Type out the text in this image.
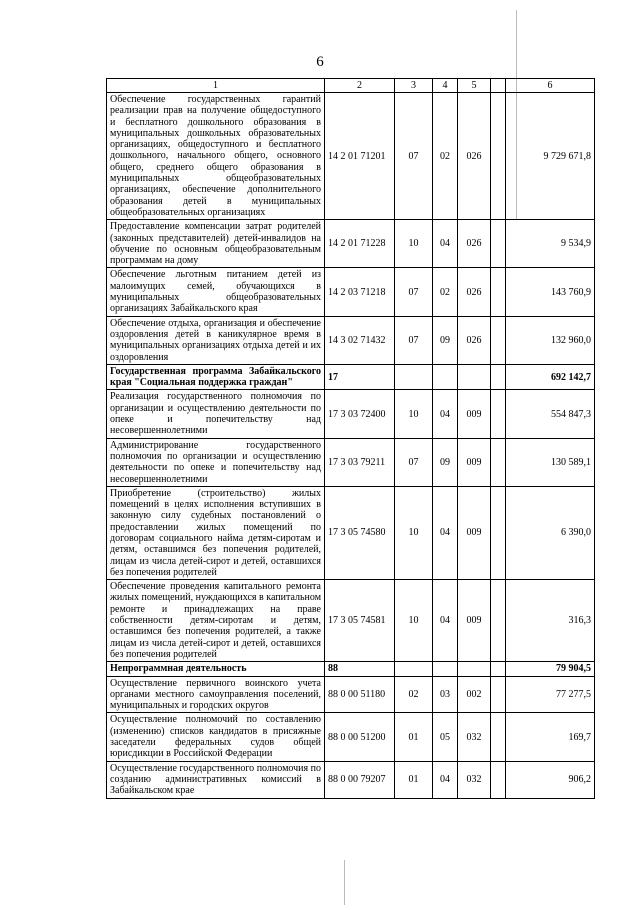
6
1	2	3	4	5		6
Обеспечение государственных гарантий реализации прав на получение общедоступного и бесплатного дошкольного образования в муниципальных дошкольных образовательных организациях, общедоступного и бесплатного дошкольного, начального общего, основного общего, среднего общего образования в муниципальных общеобразовательных организациях, обеспечение дополнительного образования детей в муниципальных общеобразовательных организациях	14 2 01 71201	07	02	026		9 729 671,8
Предоставление компенсации затрат родителей (законных представителей) детей-инвалидов на обучение по основным общеобразовательным программам на дому	14 2 01 71228	10	04	026		9 534,9
Обеспечение льготным питанием детей из малоимущих семей, обучающихся в муниципальных общеобразовательных организациях Забайкальского края	14 2 03 71218	07	02	026		143 760,9
Обеспечение отдыха, организация и обеспечение оздоровления детей в каникулярное время в муниципальных организациях отдыха детей и их оздоровления	14 3 02 71432	07	09	026		132 960,0
Государственная программа Забайкальского края "Социальная поддержка граждан"	17					692 142,7
Реализация государственного полномочия по организации и осуществлению деятельности по опеке и попечительству над несовершеннолетними	17 3 03 72400	10	04	009		554 847,3
Администрирование государственного полномочия по организации и осуществлению деятельности по опеке и попечительству над несовершеннолетними	17 3 03 79211	07	09	009		130 589,1
Приобретение (строительство) жилых помещений в целях исполнения вступивших в законную силу судебных постановлений о предоставлении жилых помещений по договорам социального найма детям-сиротам и детям, оставшимся без попечения родителей, лицам из числа детей-сирот и детей, оставшихся без попечения родителей	17 3 05 74580	10	04	009		6 390,0
Обеспечение проведения капитального ремонта жилых помещений, нуждающихся в капитальном ремонте и принадлежащих на праве собственности детям-сиротам и детям, оставшимся без попечения родителей, а также лицам из числа детей-сирот и детей, оставшихся без попечения родителей	17 3 05 74581	10	04	009		316,3
Непрограммная деятельность	88					79 904,5
Осуществление первичного воинского учета органами местного самоуправления поселений, муниципальных и городских округов	88 0 00 51180	02	03	002		77 277,5
Осуществление полномочий по составлению (изменению) списков кандидатов в присяжные заседатели федеральных судов общей юрисдикции в Российской Федерации	88 0 00 51200	01	05	032		169,7
Осуществление государственного полномочия по созданию административных комиссий в Забайкальском крае	88 0 00 79207	01	04	032		906,2
